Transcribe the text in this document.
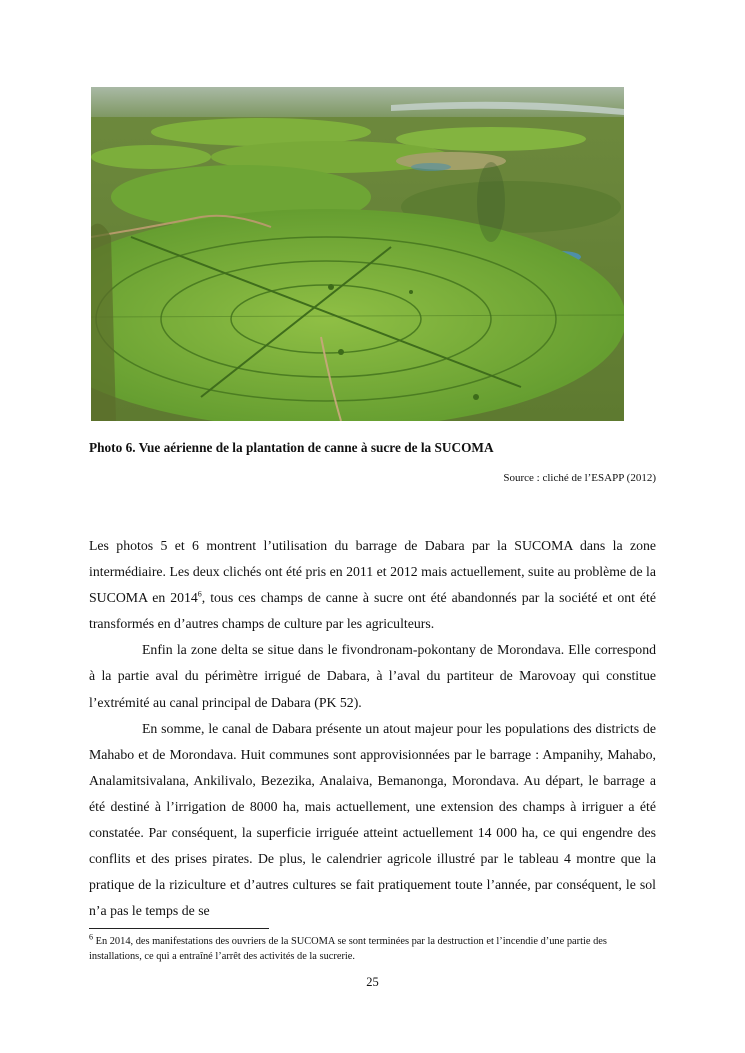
Photo 6. Vue aérienne de la plantation de canne à sucre de la SUCOMA
Source : cliché de l’ESAPP (2012)

Les photos 5 et 6 montrent l’utilisation du barrage de Dabara par la SUCOMA dans la zone intermédiaire. Les deux clichés ont été pris en 2011 et 2012 mais actuellement, suite au problème de la SUCOMA en 2014$^6$, tous ces champs de canne à sucre ont été abandonnés par la société et ont été transformés en d’autres champs de culture par les agriculteurs.

Enfin la zone delta se situe dans le fivondronam-pokontany de Morondava. Elle correspond à la partie aval du périmètre irrigué de Dabara, à l’aval du partiteur de Marovoay qui constitue l’extrémité au canal principal de Dabara (PK 52).

En somme, le canal de Dabara présente un atout majeur pour les populations des districts de Mahabo et de Morondava. Huit communes sont approvisionnées par le barrage : Ampanihy, Mahabo, Analamitsivalana, Ankilivalo, Bezezika, Analaiva, Bemanonga, Morondava. Au départ, le barrage a été destiné à l’irrigation de 8000 ha, mais actuellement, une extension des champs à irriguer a été constatée. Par conséquent, la superficie irriguée atteint actuellement 14 000 ha, ce qui engendre des conflits et des prises pirates. De plus, le calendrier agricole illustré par le tableau 4 montre que la pratique de la riziculture et d’autres cultures se fait pratiquement toute l’année, par conséquent, le sol n’a pas le temps de se

$^6$ En 2014, des manifestations des ouvriers de la SUCOMA se sont terminées par la destruction et l’incendie d’une partie des installations, ce qui a entraîné l’arrêt des activités de la sucrerie.
25
